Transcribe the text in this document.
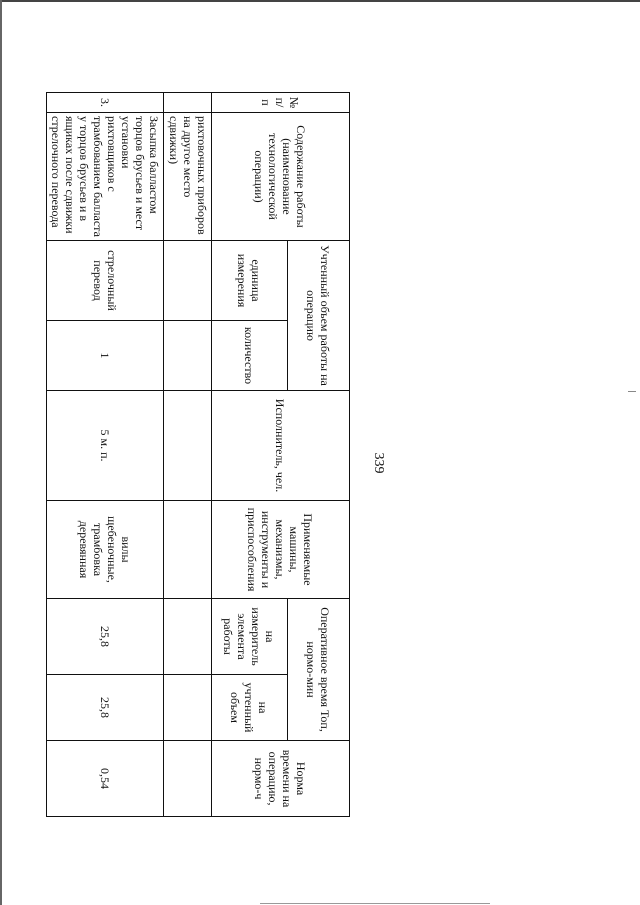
339
№ п/п	Содержание работы (наименование технологической операции)	Учтенный объем работы на операцию		Исполнитель, чел.	Применяемые машины, механизмы, инструменты и приспособления	Оперативное время Топ, нормо-мин		Норма времени на операцию, нормо-ч
		единица измерения	количество			на измеритель элемента работы	на учтенный объем	
	рихтовочных приборов на другое место сдвижки)							
3.	Засыпка балластом торцов брусьев и мест установки рихтовщиков с трамбованием балласта у торцов брусьев и в ящиках после сдвижки стрелочного перевода	стрелочный перевод	1	5 м. п.	вилы щебеночные, трамбовка деревянная	25,8	25,8	0,54
